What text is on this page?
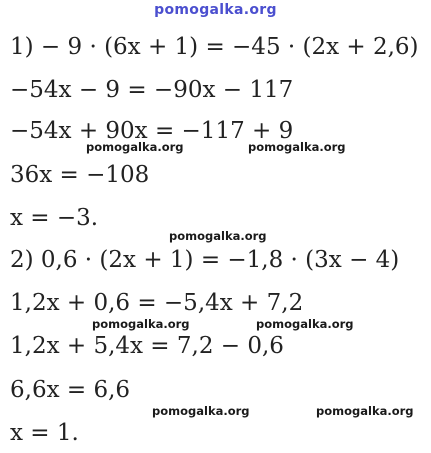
pomogalka.org
1) − 9 · (6x + 1) = −45 · (2x + 2,6)
−54x − 9 = −90x − 117
−54x + 90x = −117 + 9
36x = −108
x = −3.
2) 0,6 · (2x + 1) = −1,8 · (3x − 4)
1,2x + 0,6 = −5,4x + 7,2
1,2x + 5,4x = 7,2 − 0,6
6,6x = 6,6
x = 1.
pomogalka.org	pomogalka.org
pomogalka.org
pomogalka.org	pomogalka.org
pomogalka.org	pomogalka.org
